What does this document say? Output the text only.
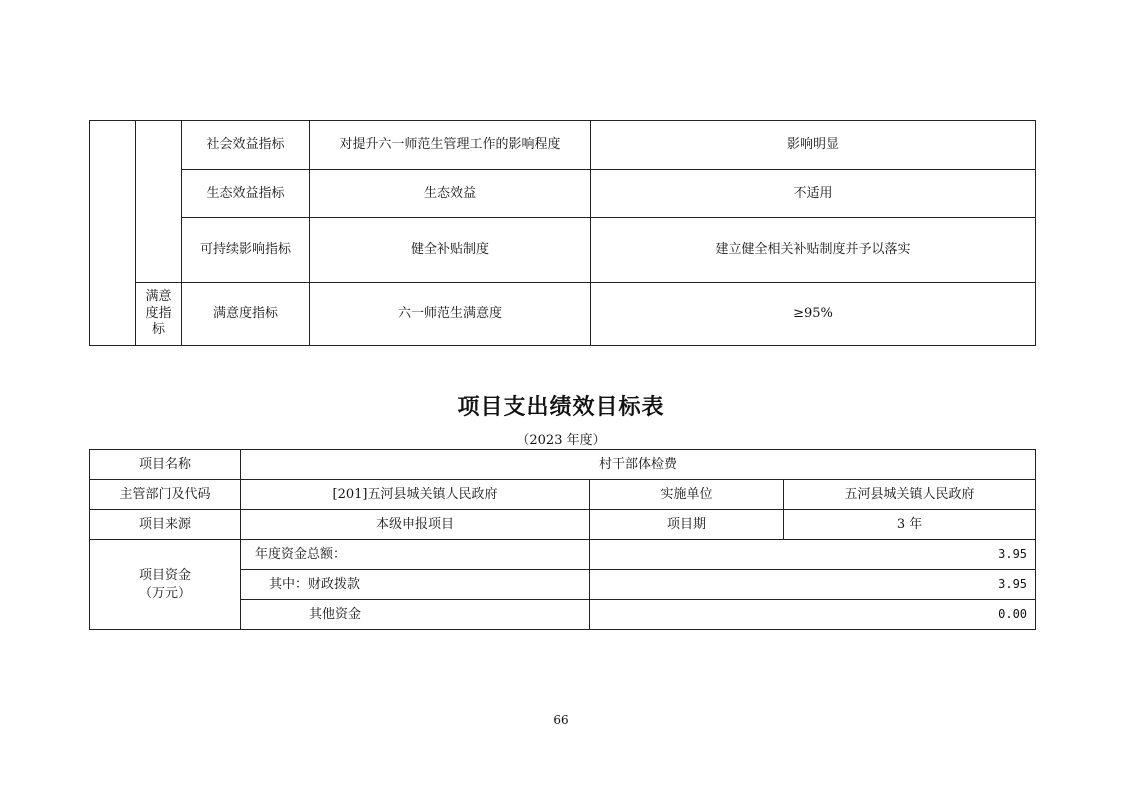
		社会效益指标	对提升六一师范生管理工作的影响程度	影响明显
		生态效益指标	生态效益	不适用
		可持续影响指标	健全补贴制度	建立健全相关补贴制度并予以落实

	满意
度指
标	满意度指标	六一师范生满意度	≥95%
项目支出绩效目标表
（2023 年度）
项目名称	村干部体检费		
主管部门及代码	[201]五河县城关镇人民政府	实施单位	五河县城关镇人民政府
项目来源	本级申报项目	项目期	3 年

项目资金
（万元）	年度资金总额：	3.95	
	其中：财政拨款	3.95	
	其他资金	0.00	
66
